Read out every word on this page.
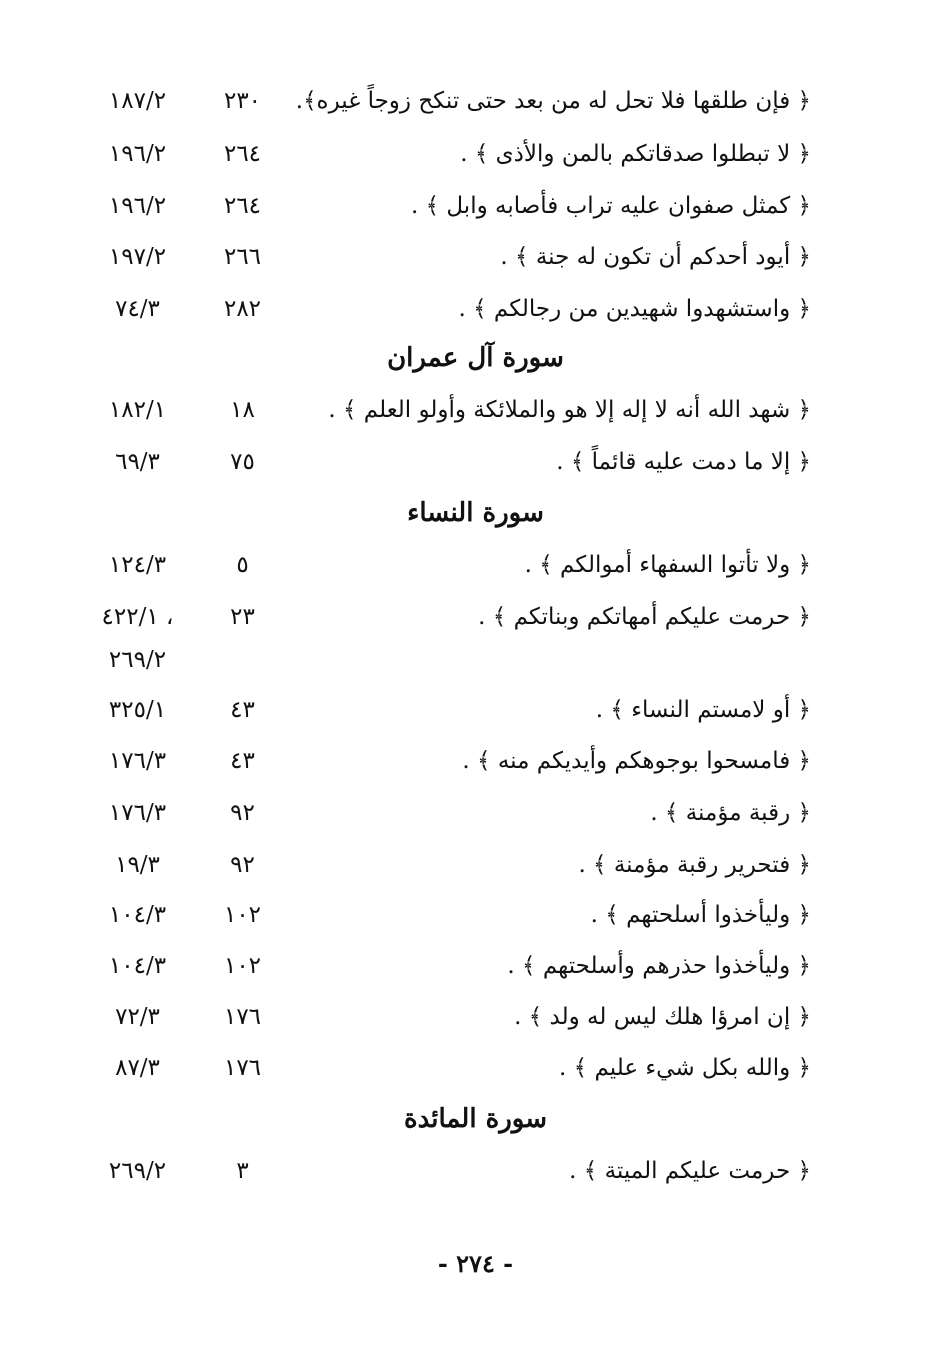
﴿ فإن طلقها فلا تحل له من بعد حتى تنكح زوجاً غيره﴾.
٢٣٠
١٨٧/٢
﴿ لا تبطلوا صدقاتكم بالمن والأذى ﴾ .
٢٦٤
١٩٦/٢
﴿ كمثل صفوان عليه تراب فأصابه وابل ﴾ .
٢٦٤
١٩٦/٢
﴿ أيود أحدكم أن تكون له جنة ﴾ .
٢٦٦
١٩٧/٢
﴿ واستشهدوا شهيدين من رجالكم ﴾ .
٢٨٢
٧٤/٣
سورة آل عمران
﴿ شهد الله أنه لا إله إلا هو والملائكة وأولو العلم ﴾ .
١٨
١٨٢/١
﴿ إلا ما دمت عليه قائماً ﴾ .
٧٥
٦٩/٣
سورة النساء
﴿ ولا تأتوا السفهاء أموالكم ﴾ .
٥
١٢٤/٣
﴿ حرمت عليكم أمهاتكم وبناتكم ﴾ .
٢٣
٤٢٢/١ ،
٢٦٩/٢
﴿ أو لامستم النساء ﴾ .
٤٣
٣٢٥/١
﴿ فامسحوا بوجوهكم وأيديكم منه ﴾ .
٤٣
١٧٦/٣
﴿ رقبة مؤمنة ﴾ .
٩٢
١٧٦/٣
﴿ فتحرير رقبة مؤمنة ﴾ .
٩٢
١٩/٣
﴿ وليأخذوا أسلحتهم ﴾ .
١٠٢
١٠٤/٣
﴿ وليأخذوا حذرهم وأسلحتهم ﴾ .
١٠٢
١٠٤/٣
﴿ إن امرؤا هلك ليس له ولد ﴾ .
١٧٦
٧٢/٣
﴿ والله بكل شيء عليم ﴾ .
١٧٦
٨٧/٣
سورة المائدة
﴿ حرمت عليكم الميتة ﴾ .
٣
٢٦٩/٢
- ٢٧٤ -
